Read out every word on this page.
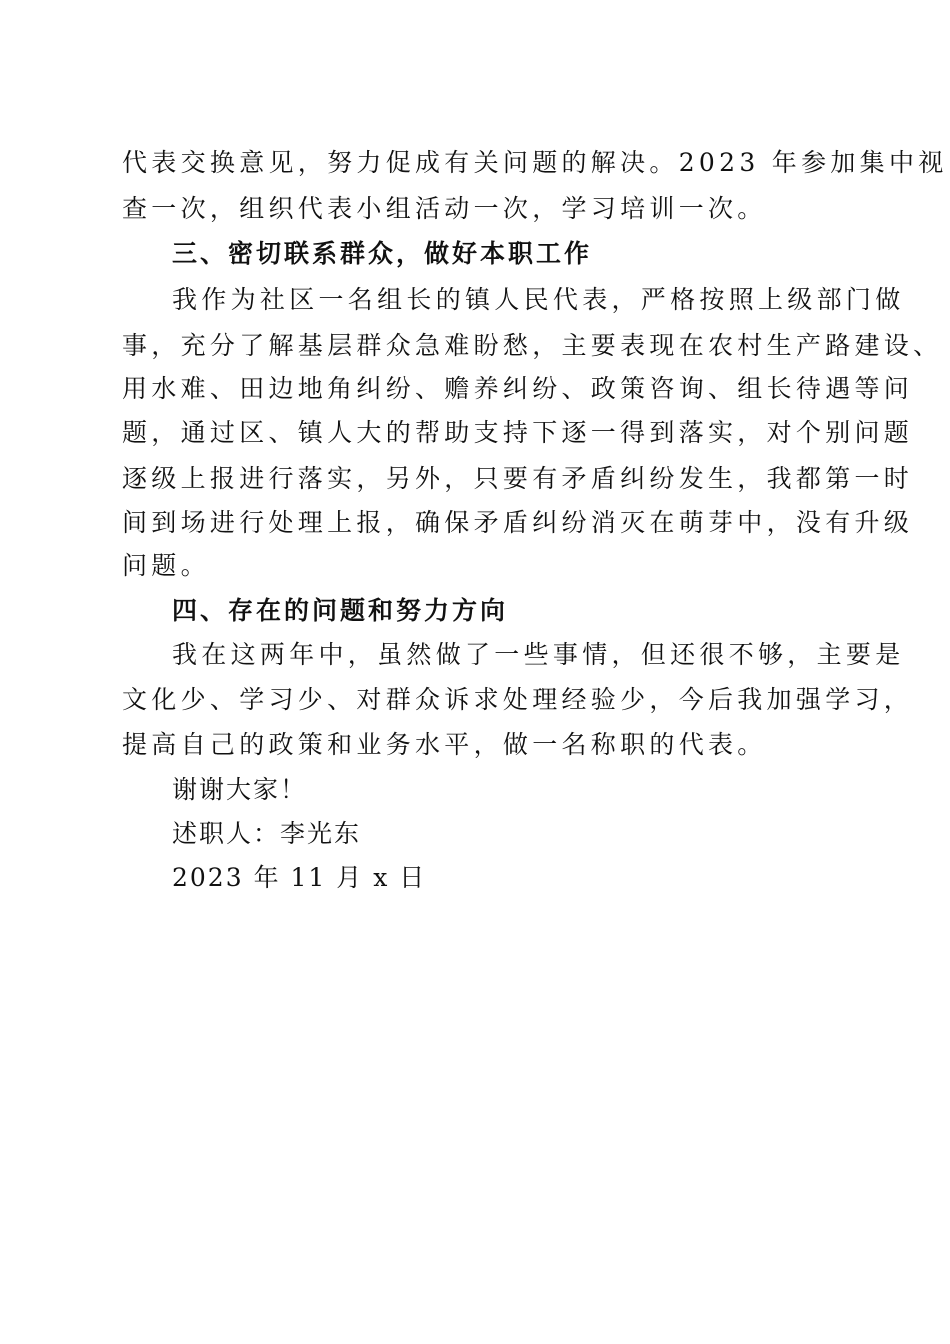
代表交换意见，努力促成有关问题的解决。2023 年参加集中视
查一次，组织代表小组活动一次，学习培训一次。
三、密切联系群众，做好本职工作
我作为社区一名组长的镇人民代表，严格按照上级部门做
事，充分了解基层群众急难盼愁，主要表现在农村生产路建设、
用水难、田边地角纠纷、赡养纠纷、政策咨询、组长待遇等问
题，通过区、镇人大的帮助支持下逐一得到落实，对个别问题
逐级上报进行落实，另外，只要有矛盾纠纷发生，我都第一时
间到场进行处理上报，确保矛盾纠纷消灭在萌芽中，没有升级
问题。
四、存在的问题和努力方向
我在这两年中，虽然做了一些事情，但还很不够，主要是
文化少、学习少、对群众诉求处理经验少，今后我加强学习，
提高自己的政策和业务水平，做一名称职的代表。
谢谢大家！
述职人：李光东
2023 年 11 月 x 日
